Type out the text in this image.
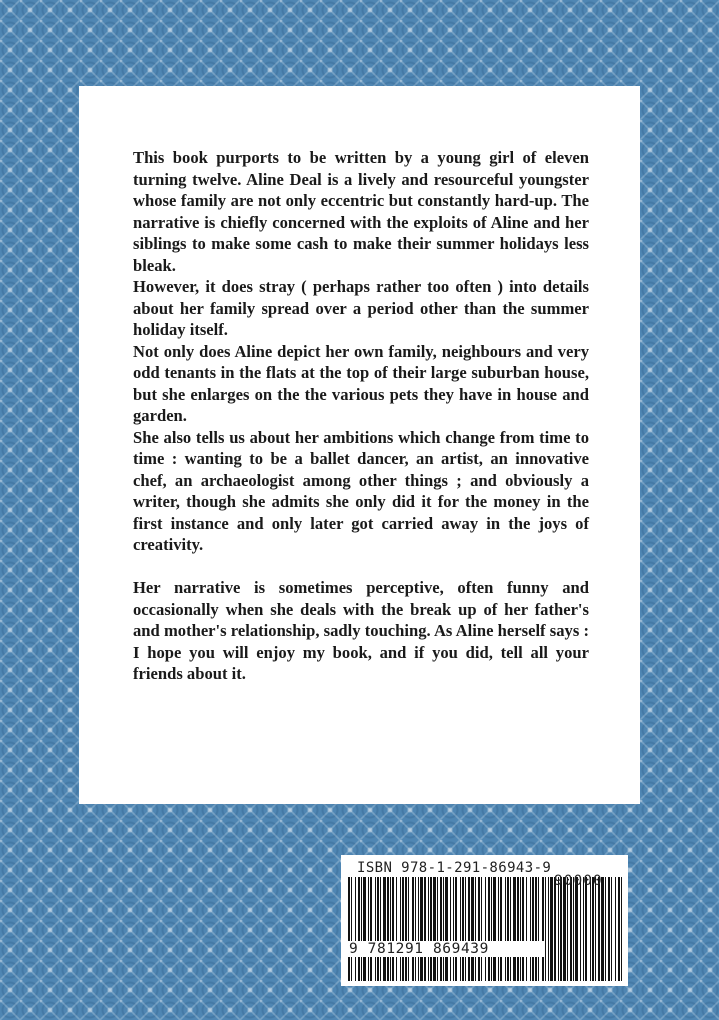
This book purports to be written by a young girl of eleven turning twelve. Aline Deal is a lively and resourceful youngster whose family are not only eccentric but constantly hard-up. The narrative is chiefly concerned with the exploits of Aline and her siblings to make some cash to make their summer holidays less bleak.

However, it does stray ( perhaps rather too often ) into details about her family spread over a period other than the summer holiday itself.

Not only does Aline depict her own family, neighbours and very odd tenants in the flats at the top of their large suburban house, but she enlarges on the the various pets they have in house and garden.

She also tells us about her ambitions which change from time to time : wanting to be a ballet dancer, an artist, an innovative chef, an archaeologist among other things ; and obviously a writer, though she admits she only did it for the money in the first instance and only later got carried away in the joys of creativity.

Her narrative is sometimes perceptive, often funny and occasionally when she deals with the break up of her father's and mother's relationship, sadly touching. As Aline herself says : I hope you will enjoy my book, and if you did, tell all your friends about it.

ISBN 978-1-291-86943-9
90000
9 781291 869439
